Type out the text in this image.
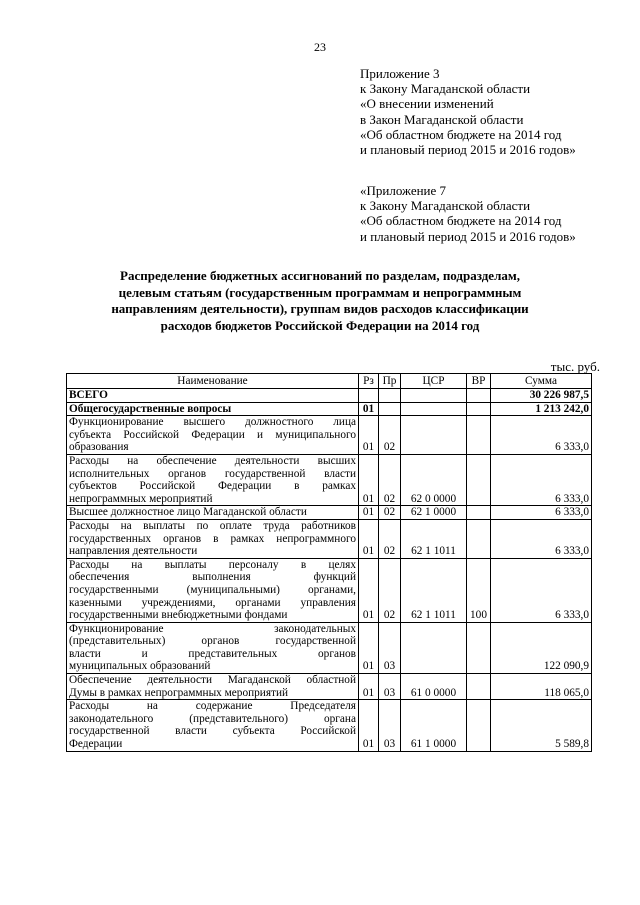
23
Приложение 3
к Закону Магаданской области
«О внесении изменений
в Закон Магаданской области
«Об областном бюджете на 2014 год
и плановый период 2015 и 2016 годов»
«Приложение 7
к Закону Магаданской области
«Об областном бюджете на 2014 год
и плановый период 2015 и 2016 годов»
Распределение бюджетных ассигнований по разделам, подразделам,
целевым статьям (государственным программам и непрограммным
направлениям деятельности), группам видов расходов классификации
расходов бюджетов Российской Федерации на 2014 год
тыс. руб.
Наименование	Рз	Пр	ЦСР	ВР	Сумма

ВСЕГО					30 226 987,5

Общегосударственные вопросы	01				1 213 242,0

Функционирование высшего должностного лица
субъекта Российской Федерации и муниципального
образования	01	02			6 333,0

Расходы на обеспечение деятельности высших
исполнительных органов государственной власти
субъектов Российской Федерации в рамках
непрограммных мероприятий	01	02	62 0 0000		6 333,0

Высшее должностное лицо Магаданской области	01	02	62 1 0000		6 333,0

Расходы на выплаты по оплате труда работников
государственных органов в рамках непрограммного
направления деятельности	01	02	62 1 1011		6 333,0

Расходы на выплаты персоналу в целях
обеспечения выполнения функций
государственными (муниципальными) органами,
казенными учреждениями, органами управления
государственными внебюджетными фондами	01	02	62 1 1011	100	6 333,0

Функционирование законодательных
(представительных) органов государственной
власти и представительных органов
муниципальных образований	01	03			122 090,9

Обеспечение деятельности Магаданской областной
Думы в рамках непрограммных мероприятий	01	03	61 0 0000		118 065,0

Расходы на содержание Председателя
законодательного (представительного) органа
государственной власти субъекта Российской
Федерации	01	03	61 1 0000		5 589,8
